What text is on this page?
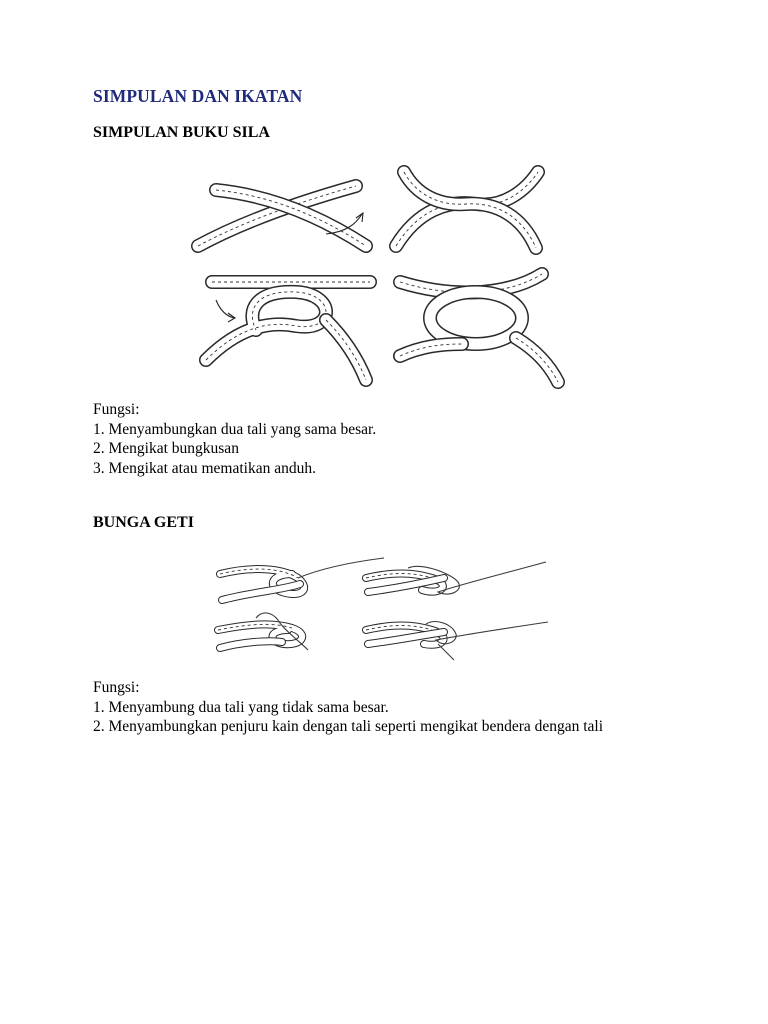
SIMPULAN DAN IKATAN
SIMPULAN BUKU SILA

Fungsi:

1. Menyambungkan dua tali yang sama besar.

2. Mengikat bungkusan

3. Mengikat atau mematikan anduh.

BUNGA GETI

Fungsi:

1. Menyambung dua tali yang tidak sama besar.

2. Menyambungkan penjuru kain dengan tali seperti mengikat bendera dengan tali
